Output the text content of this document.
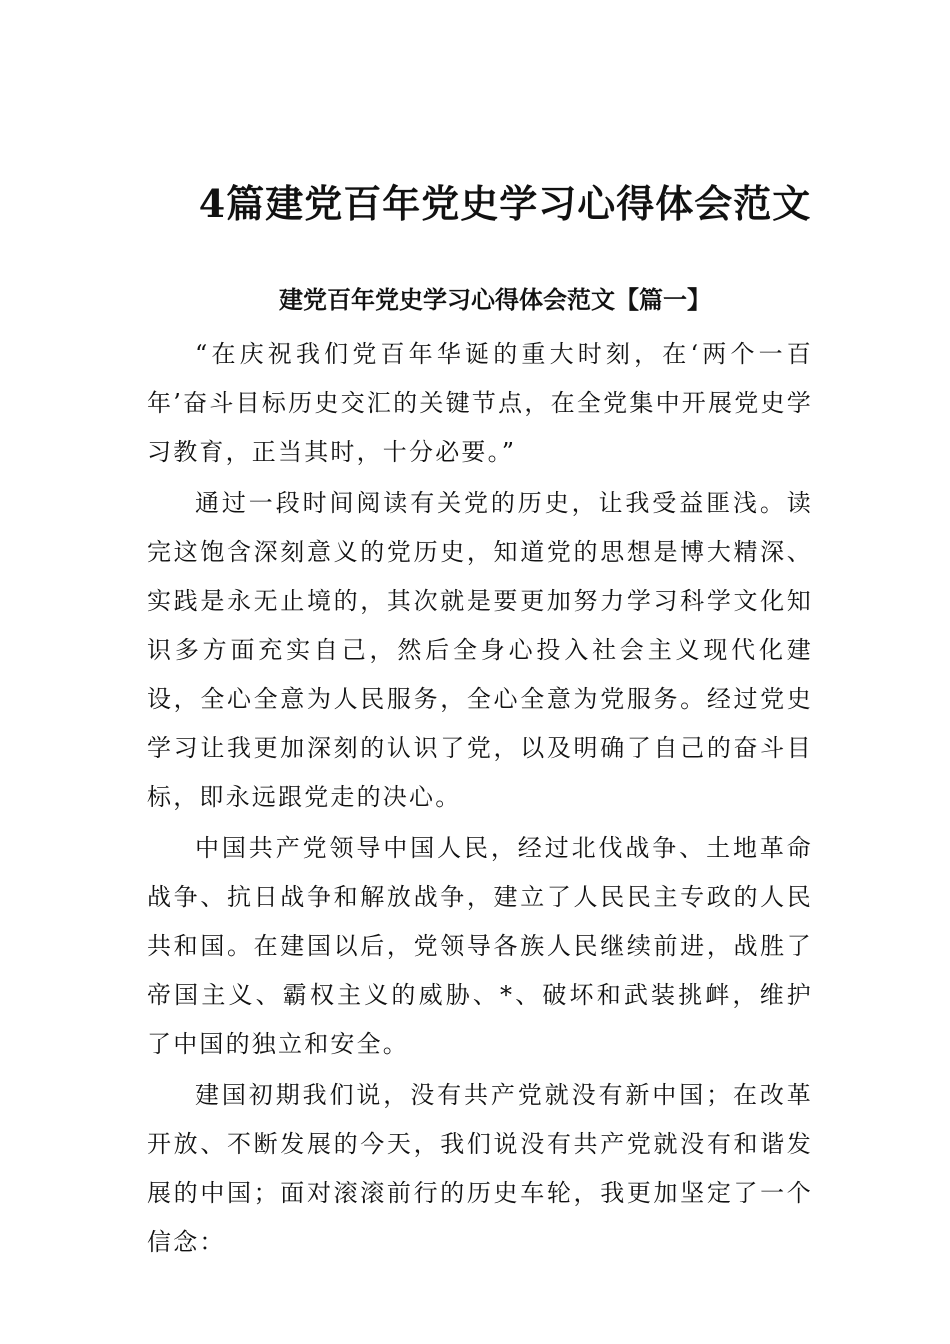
4篇建党百年党史学习心得体会范文
建党百年党史学习心得体会范文【篇一】

“在庆祝我们党百年华诞的重大时刻，在‘两个一百年’奋斗目标历史交汇的关键节点，在全党集中开展党史学习教育，正当其时，十分必要。”

通过一段时间阅读有关党的历史，让我受益匪浅。读完这饱含深刻意义的党历史，知道党的思想是博大精深、实践是永无止境的，其次就是要更加努力学习科学文化知识多方面充实自己，然后全身心投入社会主义现代化建设，全心全意为人民服务，全心全意为党服务。经过党史学习让我更加深刻的认识了党，以及明确了自己的奋斗目标，即永远跟党走的决心。

中国共产党领导中国人民，经过北伐战争、土地革命战争、抗日战争和解放战争，建立了人民民主专政的人民共和国。在建国以后，党领导各族人民继续前进，战胜了帝国主义、霸权主义的威胁、*、破坏和武装挑衅，维护了中国的独立和安全。

建国初期我们说，没有共产党就没有新中国；在改革开放、不断发展的今天，我们说没有共产党就没有和谐发展的中国；面对滚滚前行的历史车轮，我更加坚定了一个信念：
